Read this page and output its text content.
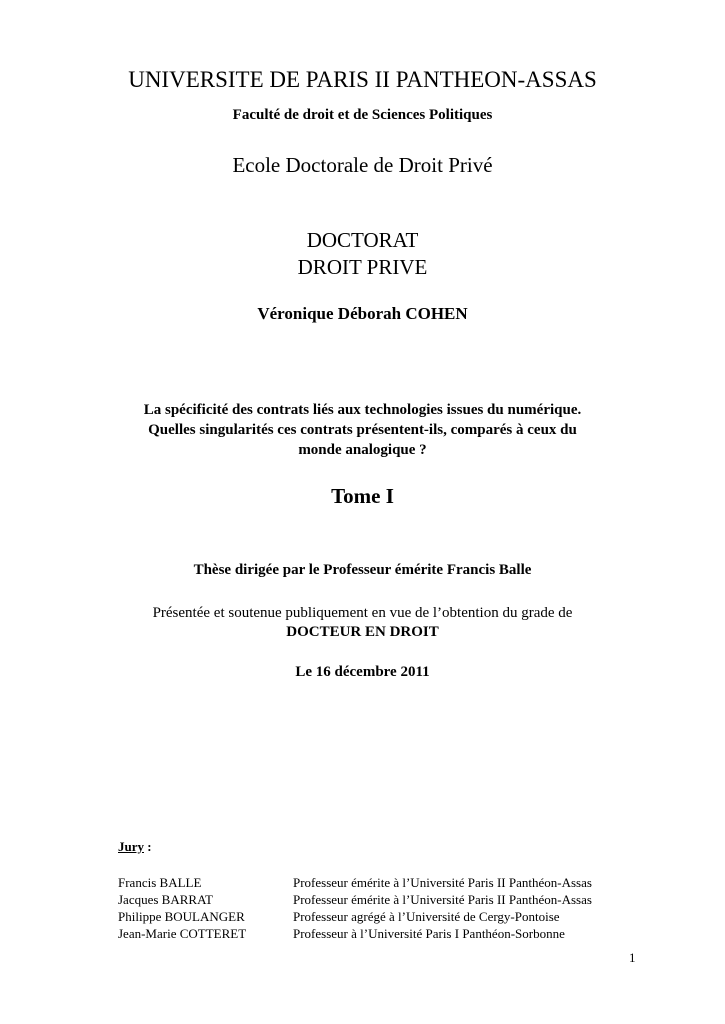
UNIVERSITE DE PARIS II PANTHEON-ASSAS

Faculté de droit et de Sciences Politiques

Ecole Doctorale de Droit Privé

DOCTORAT
DROIT PRIVE

Véronique Déborah COHEN

La spécificité des contrats liés aux technologies issues du numérique.
Quelles singularités ces contrats présentent-ils, comparés à ceux du
monde analogique ?

Tome I

Thèse dirigée par le Professeur émérite Francis Balle

Présentée et soutenue publiquement en vue de l’obtention du grade de
DOCTEUR EN DROIT

Le 16 décembre 2011

Jury :

Francis BALLE	Professeur émérite à l’Université Paris II Panthéon-Assas
Jacques BARRAT	Professeur émérite à l’Université Paris II Panthéon-Assas
Philippe BOULANGER	Professeur agrégé à l’Université de Cergy-Pontoise
Jean-Marie COTTERET	Professeur à l’Université Paris I Panthéon-Sorbonne
1
